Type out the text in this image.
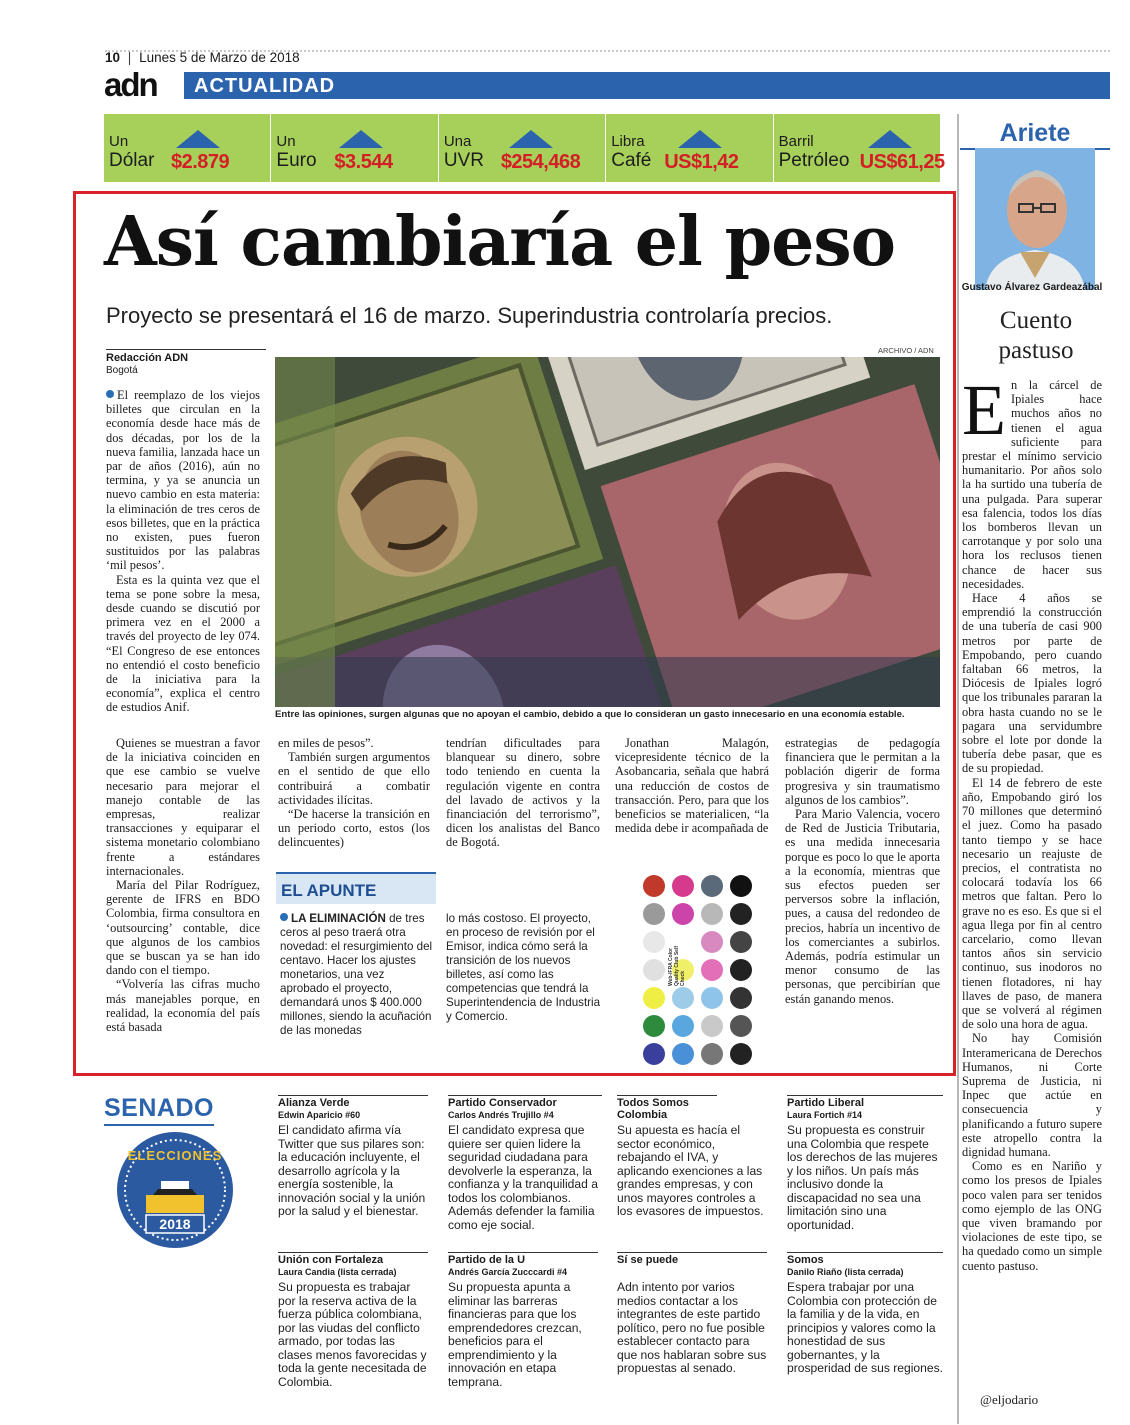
10 | Lunes 5 de Marzo de 2018
adn	ACTUALIDAD
Un
Dólar $2.879
Un
Euro $3.544
Una
UVR $254,468
Libra
Café US$1,42
Barril
Petróleo US$61,25
Así cambiaría el peso
Proyecto se presentará el 16 de marzo. Superindustria controlaría precios.
Redacción ADN
Bogotá
ARCHIVO / ADN
Entre las opiniones, surgen algunas que no apoyan el cambio, debido a que lo consideran un gasto innecesario en una economía estable.

El reemplazo de los viejos billetes que circulan en la economía desde hace más de dos décadas, por los de la nueva familia, lanzada hace un par de años (2016), aún no termina, y ya se anuncia un nuevo cambio en esta materia: la eliminación de tres ceros de esos billetes, que en la práctica no existen, pues fueron sustituidos por las palabras ‘mil pesos’.

Esta es la quinta vez que el tema se pone sobre la mesa, desde cuando se discutió por primera vez en el 2000 a través del proyecto de ley 074. “El Congreso de ese entonces no entendió el costo beneficio de la iniciativa para la economía”, explica el centro de estudios Anif.

Quienes se muestran a favor de la iniciativa coinciden en que ese cambio se vuelve necesario para mejorar el manejo contable de las empresas, realizar transacciones y equiparar el sistema monetario colombiano frente a estándares internacionales.

María del Pilar Rodríguez, gerente de IFRS en BDO Colombia, firma consultora en ‘outsourcing’ contable, dice que algunos de los cambios que se buscan ya se han ido dando con el tiempo.

“Volvería las cifras mucho más manejables porque, en realidad, la economía del país está basada

en miles de pesos”.

También surgen argumentos en el sentido de que ello contribuirá a combatir actividades ilícitas.

“De hacerse la transición en un periodo corto, estos (los delincuentes)

tendrían dificultades para blanquear su dinero, sobre todo teniendo en cuenta la regulación vigente en contra del lavado de activos y la financiación del terrorismo”, dicen los analistas del Banco de Bogotá.

Jonathan Malagón, vicepresidente técnico de la Asobancaria, señala que habrá una reducción de costos de transacción. Pero, para que los beneficios se materialicen, “la medida debe ir acompañada de

estrategias de pedagogía financiera que le permitan a la población digerir de forma progresiva y sin traumatismo algunos de los cambios”.

Para Mario Valencia, vocero de Red de Justicia Tributaria, es una medida innecesaria porque es poco lo que le aporta a la economía, mientras que sus efectos pueden ser perversos sobre la inflación, pues, a causa del redondeo de precios, habría un incentivo de los comerciantes a subirlos. Además, podría estimular un menor consumo de las personas, que percibirían que están ganando menos.

EL APUNTE
LA ELIMINACIÓN de tres ceros al peso traerá otra novedad: el resurgimiento del centavo. Hacer los ajustes monetarios, una vez aprobado el proyecto, demandará unos $ 400.000 millones, siendo la acuñación de las monedas
lo más costoso. El proyecto, en proceso de revisión por el Emisor, indica cómo será la transición de los nuevos billetes, así como las competencias que tendrá la Superintendencia de Industria y Comercio.
Web-IFRA Color Quality Club Self Check
Ariete
Gustavo Álvarez Gardeazábal
Cuento pastuso

En la cárcel de Ipiales hace muchos años no tienen el agua suficiente para prestar el mínimo servicio humanitario. Por años solo la ha surtido una tubería de una pulgada. Para superar esa falencia, todos los días los bomberos llevan un carrotanque y por solo una hora los reclusos tienen chance de hacer sus necesidades.

Hace 4 años se emprendió la construcción de una tubería de casi 900 metros por parte de Empobando, pero cuando faltaban 66 metros, la Diócesis de Ipiales logró que los tribunales pararan la obra hasta cuando no se le pagara una servidumbre sobre el lote por donde la tubería debe pasar, que es de su propiedad.

El 14 de febrero de este año, Empobando giró los 70 millones que determinó el juez. Como ha pasado tanto tiempo y se hace necesario un reajuste de precios, el contratista no colocará todavía los 66 metros que faltan. Pero lo grave no es eso. Es que si el agua llega por fin al centro carcelario, como llevan tantos años sin servicio continuo, sus inodoros no tienen flotadores, ni hay llaves de paso, de manera que se volverá al régimen de solo una hora de agua.

No hay Comisión Interamericana de Derechos Humanos, ni Corte Suprema de Justicia, ni Inpec que actúe en consecuencia y planificando a futuro supere este atropello contra la dignidad humana.

Como es en Nariño y como los presos de Ipiales poco valen para ser tenidos como ejemplo de las ONG que viven bramando por violaciones de este tipo, se ha quedado como un simple cuento pastuso.

@eljodario
SENADO
ELECCIONES
2018
Alianza Verde
Edwin Aparicio #60
El candidato afirma vía Twitter que sus pilares son: la educación incluyente, el desarrollo agrícola y la energía sostenible, la innovación social y la unión por la salud y el bienestar.
Partido Conservador
Carlos Andrés Trujillo #4
El candidato expresa que quiere ser quien lidere la seguridad ciudadana para devolverle la esperanza, la confianza y la tranquilidad a todos los colombianos. Además defender la familia como eje social.
Todos Somos Colombia
Su apuesta es hacía el sector económico, rebajando el IVA, y aplicando exenciones a las grandes empresas, y con unos mayores controles a los evasores de impuestos.
Partido Liberal
Laura Fortich #14
Su propuesta es construir una Colombia que respete los derechos de las mujeres y los niños. Un país más inclusivo donde la discapacidad no sea una limitación sino una oportunidad.
Unión con Fortaleza
Laura Candia (lista cerrada)
Su propuesta es trabajar por la reserva activa de la fuerza pública colombiana, por las viudas del conflicto armado, por todas las clases menos favorecidas y toda la gente necesitada de Colombia.
Partido de la U
Andrés García Zucccardi #4
Su propuesta apunta a eliminar las barreras financieras para que los emprendedores crezcan, beneficios para el emprendimiento y la innovación en etapa temprana.
Sí se puede
Adn intento por varios medios contactar a los integrantes de este partido político, pero no fue posible establecer contacto para que nos hablaran sobre sus propuestas al senado.
Somos
Danilo Riaño (lista cerrada)
Espera trabajar por una Colombia con protección de la familia y de la vida, en principios y valores como la honestidad de sus gobernantes, y la prosperidad de sus regiones.
